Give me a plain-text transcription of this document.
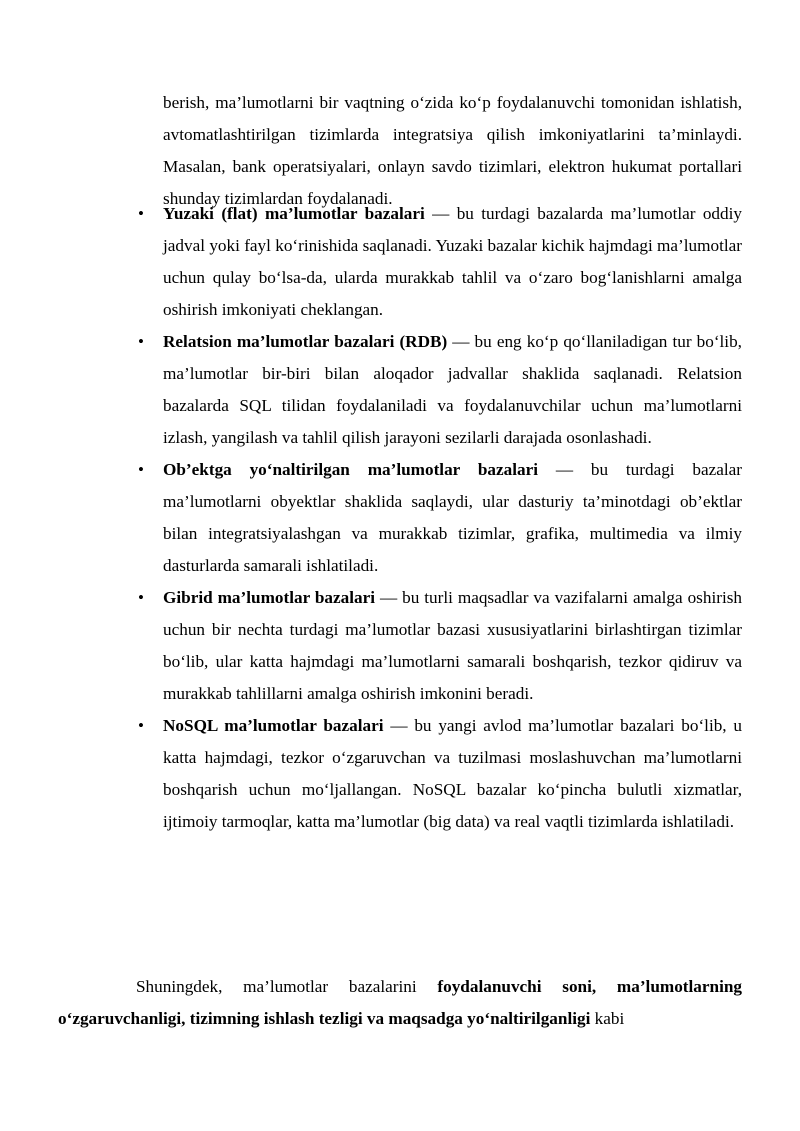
berish, ma’lumotlarni bir vaqtning o‘zida ko‘p foydalanuvchi tomonidan ishlatish, avtomatlashtirilgan tizimlarda integratsiya qilish imkoniyatlarini ta’minlaydi. Masalan, bank operatsiyalari, onlayn savdo tizimlari, elektron hukumat portallari shunday tizimlardan foydalanadi.

• Yuzaki (flat) ma’lumotlar bazalari — bu turdagi bazalarda ma’lumotlar oddiy jadval yoki fayl ko‘rinishida saqlanadi. Yuzaki bazalar kichik hajmdagi ma’lumotlar uchun qulay bo‘lsa-da, ularda murakkab tahlil va o‘zaro bog‘lanishlarni amalga oshirish imkoniyati cheklangan.
• Relatsion ma’lumotlar bazalari (RDB) — bu eng ko‘p qo‘llaniladigan tur bo‘lib, ma’lumotlar bir-biri bilan aloqador jadvallar shaklida saqlanadi. Relatsion bazalarda SQL tilidan foydalaniladi va foydalanuvchilar uchun ma’lumotlarni izlash, yangilash va tahlil qilish jarayoni sezilarli darajada osonlashadi.
• Ob’ektga yo‘naltirilgan ma’lumotlar bazalari — bu turdagi bazalar ma’lumotlarni obyektlar shaklida saqlaydi, ular dasturiy ta’minotdagi ob’ektlar bilan integratsiyalashgan va murakkab tizimlar, grafika, multimedia va ilmiy dasturlarda samarali ishlatiladi.
• Gibrid ma’lumotlar bazalari — bu turli maqsadlar va vazifalarni amalga oshirish uchun bir nechta turdagi ma’lumotlar bazasi xususiyatlarini birlashtirgan tizimlar bo‘lib, ular katta hajmdagi ma’lumotlarni samarali boshqarish, tezkor qidiruv va murakkab tahlillarni amalga oshirish imkonini beradi.
• NoSQL ma’lumotlar bazalari — bu yangi avlod ma’lumotlar bazalari bo‘lib, u katta hajmdagi, tezkor o‘zgaruvchan va tuzilmasi moslashuvchan ma’lumotlarni boshqarish uchun mo‘ljallangan. NoSQL bazalar ko‘pincha bulutli xizmatlar, ijtimoiy tarmoqlar, katta ma’lumotlar (big data) va real vaqtli tizimlarda ishlatiladi.

Shuningdek, ma’lumotlar bazalarini foydalanuvchi soni, ma’lumotlarning o‘zgaruvchanligi, tizimning ishlash tezligi va maqsadga yo‘naltirilganligi kabi
